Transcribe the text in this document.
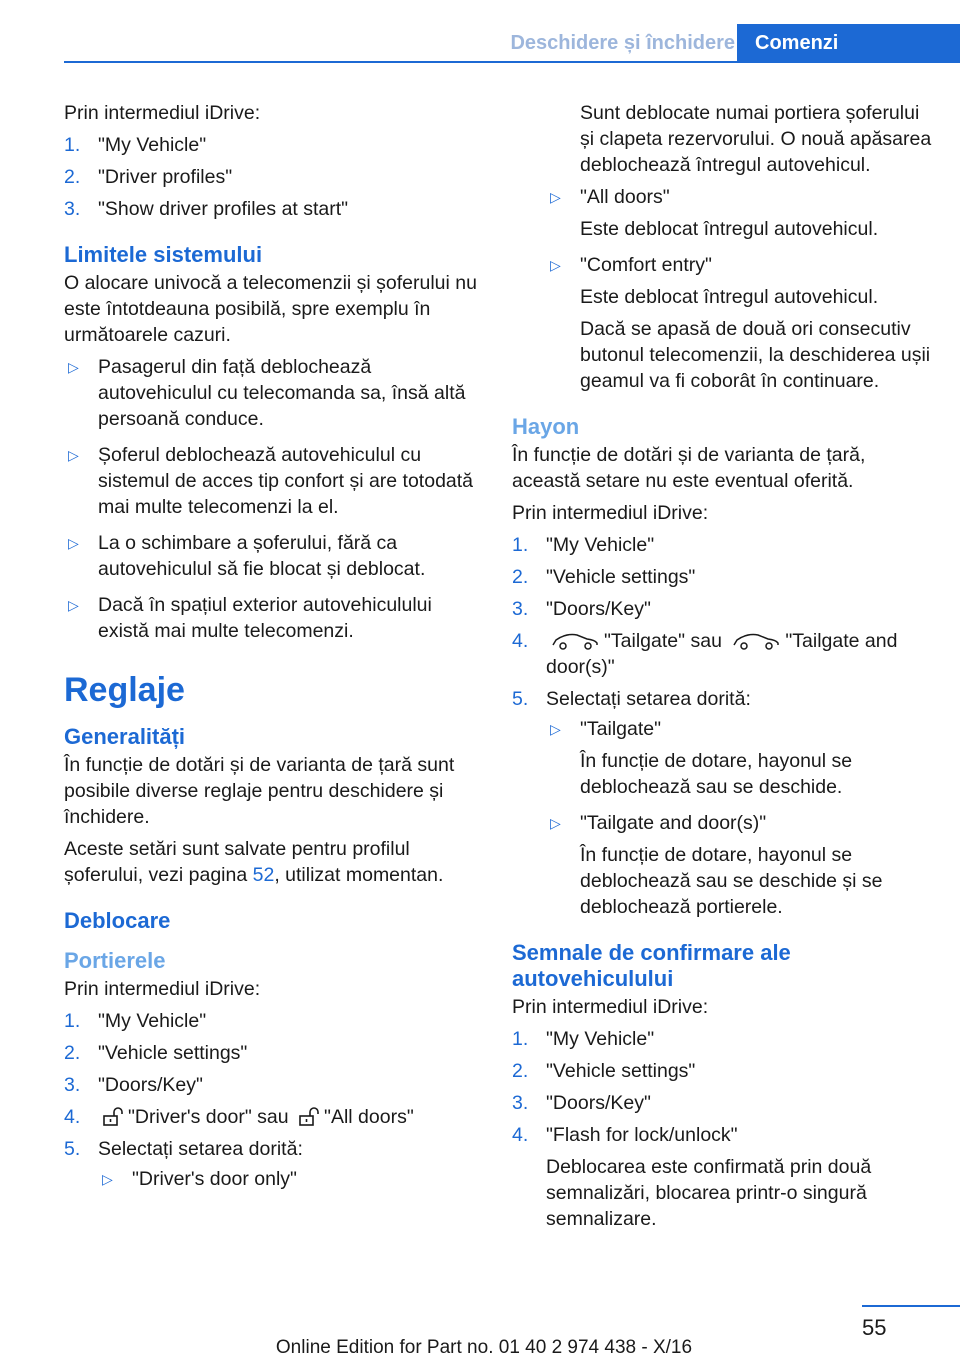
Deschidere și închidere	Comenzi

Prin intermediul iDrive:

1. "My Vehicle"
2. "Driver profiles"
3. "Show driver profiles at start"
Limitele sistemului

O alocare univocă a telecomenzii și șoferului nu este întotdeauna posibilă, spre exemplu în următoarele cazuri.

▷ Pasagerul din față deblochează autovehiculul cu telecomanda sa, însă altă persoană conduce.
▷ Șoferul deblochează autovehiculul cu sistemul de acces tip confort și are totodată mai multe telecomenzi la el.
▷ La o schimbare a șoferului, fără ca autovehiculul să fie blocat și deblocat.
▷ Dacă în spațiul exterior autovehiculului există mai multe telecomenzi.
Reglaje
Generalități

În funcție de dotări și de varianta de țară sunt posibile diverse reglaje pentru deschidere și închidere.

Aceste setări sunt salvate pentru profilul șoferului, vezi pagina 52, utilizat momentan.

Deblocare
Portierele

Prin intermediul iDrive:

1. "My Vehicle"
2. "Vehicle settings"
3. "Doors/Key"
4. "Driver's door" sau "All doors"
5. Selectați setarea dorită:
▷ "Driver's door only"

Sunt deblocate numai portiera șoferului și clapeta rezervorului. O nouă apăsarea deblochează întregul autovehicul.

▷ "All doors"

Este deblocat întregul autovehicul.

▷ "Comfort entry"

Este deblocat întregul autovehicul.

Dacă se apasă de două ori consecutiv butonul telecomenzii, la deschiderea ușii geamul va fi coborât în continuare.

Hayon

În funcție de dotări și de varianta de țară, această setare nu este eventual oferită.

Prin intermediul iDrive:

1. "My Vehicle"
2. "Vehicle settings"
3. "Doors/Key"
4.	"Tailgate" sau	"Tailgate and door(s)"
5. Selectați setarea dorită:
▷ "Tailgate"

În funcție de dotare, hayonul se deblochează sau se deschide.

▷ "Tailgate and door(s)"

În funcție de dotare, hayonul se deblochează sau se deschide și se deblochează portierele.

Semnale de confirmare ale autovehiculului

Prin intermediul iDrive:

1. "My Vehicle"
2. "Vehicle settings"
3. "Doors/Key"
4. "Flash for lock/unlock"

Deblocarea este confirmată prin două semnalizări, blocarea printr-o singură semnalizare.

55
Online Edition for Part no. 01 40 2 974 438 - X/16
